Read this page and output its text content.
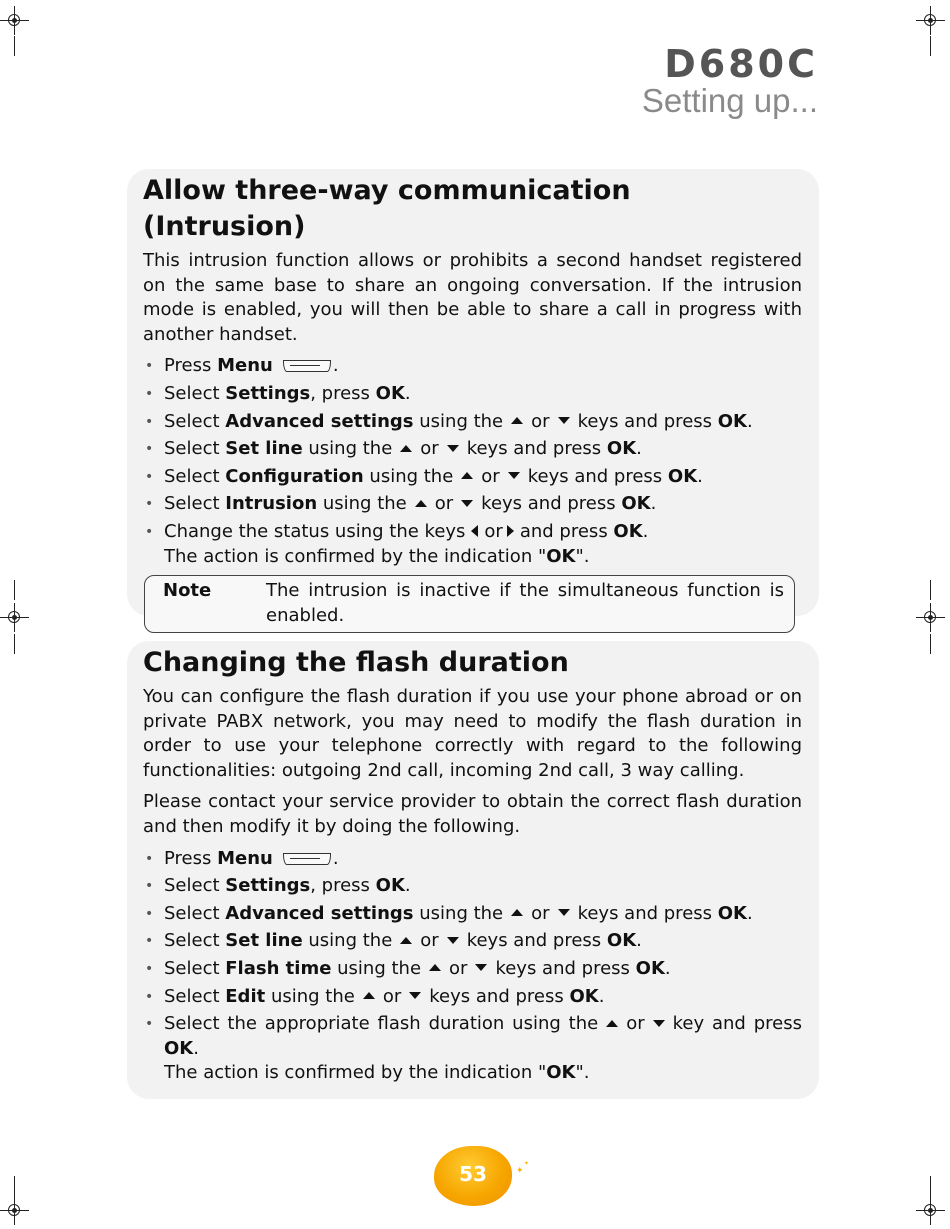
D680C
Setting up...
Allow three-way communication (Intrusion)

This intrusion function allows or prohibits a second handset registered on the same base to share an ongoing conversation. If the intrusion mode is enabled, you will then be able to share a call in progress with another handset.

• Press Menu	.
• Select Settings, press OK.
• Select Advanced settings using the or keys and press OK.
• Select Set line using the or keys and press OK.
• Select Configuration using the or keys and press OK.
• Select Intrusion using the or keys and press OK.
• Change the status using the keys or and press OK.
The action is confirmed by the indication "OK".
Note	The intrusion is inactive if the simultaneous function is enabled.
Changing the flash duration

You can configure the flash duration if you use your phone abroad or on private PABX network, you may need to modify the flash duration in order to use your telephone correctly with regard to the following functionalities: outgoing 2nd call, incoming 2nd call, 3 way calling.

Please contact your service provider to obtain the correct flash duration and then modify it by doing the following.

• Press Menu	.
• Select Settings, press OK.
• Select Advanced settings using the or keys and press OK.
• Select Set line using the or keys and press OK.
• Select Flash time using the or keys and press OK.
• Select Edit using the or keys and press OK.
• Select the appropriate flash duration using the or key and press OK.
The action is confirmed by the indication "OK".
53	✦
✦
